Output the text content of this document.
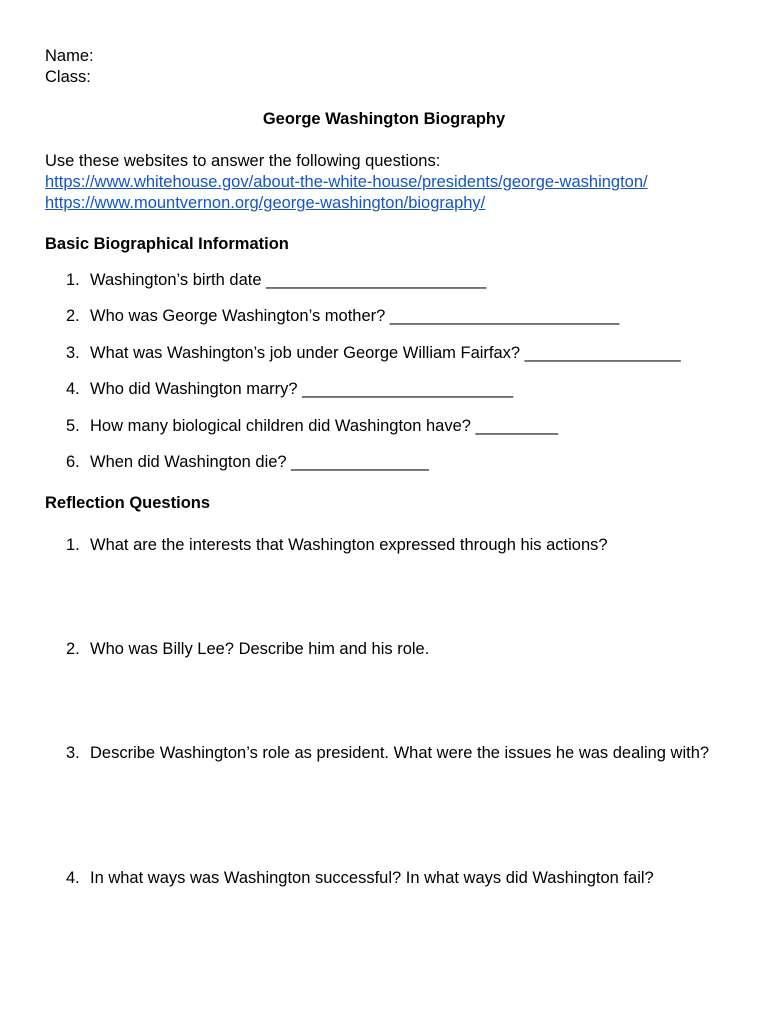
Name:
Class:
George Washington Biography
Use these websites to answer the following questions:
https://www.whitehouse.gov/about-the-white-house/presidents/george-washington/
https://www.mountvernon.org/george-washington/biography/
Basic Biographical Information
1. Washington’s birth date ________________________
2. Who was George Washington’s mother? _________________________
3. What was Washington’s job under George William Fairfax? _________________
4. Who did Washington marry? _______________________
5. How many biological children did Washington have? _________
6. When did Washington die? _______________
Reflection Questions
1. What are the interests that Washington expressed through his actions?
2. Who was Billy Lee? Describe him and his role.
3. Describe Washington’s role as president. What were the issues he was dealing with?
4. In what ways was Washington successful? In what ways did Washington fail?
